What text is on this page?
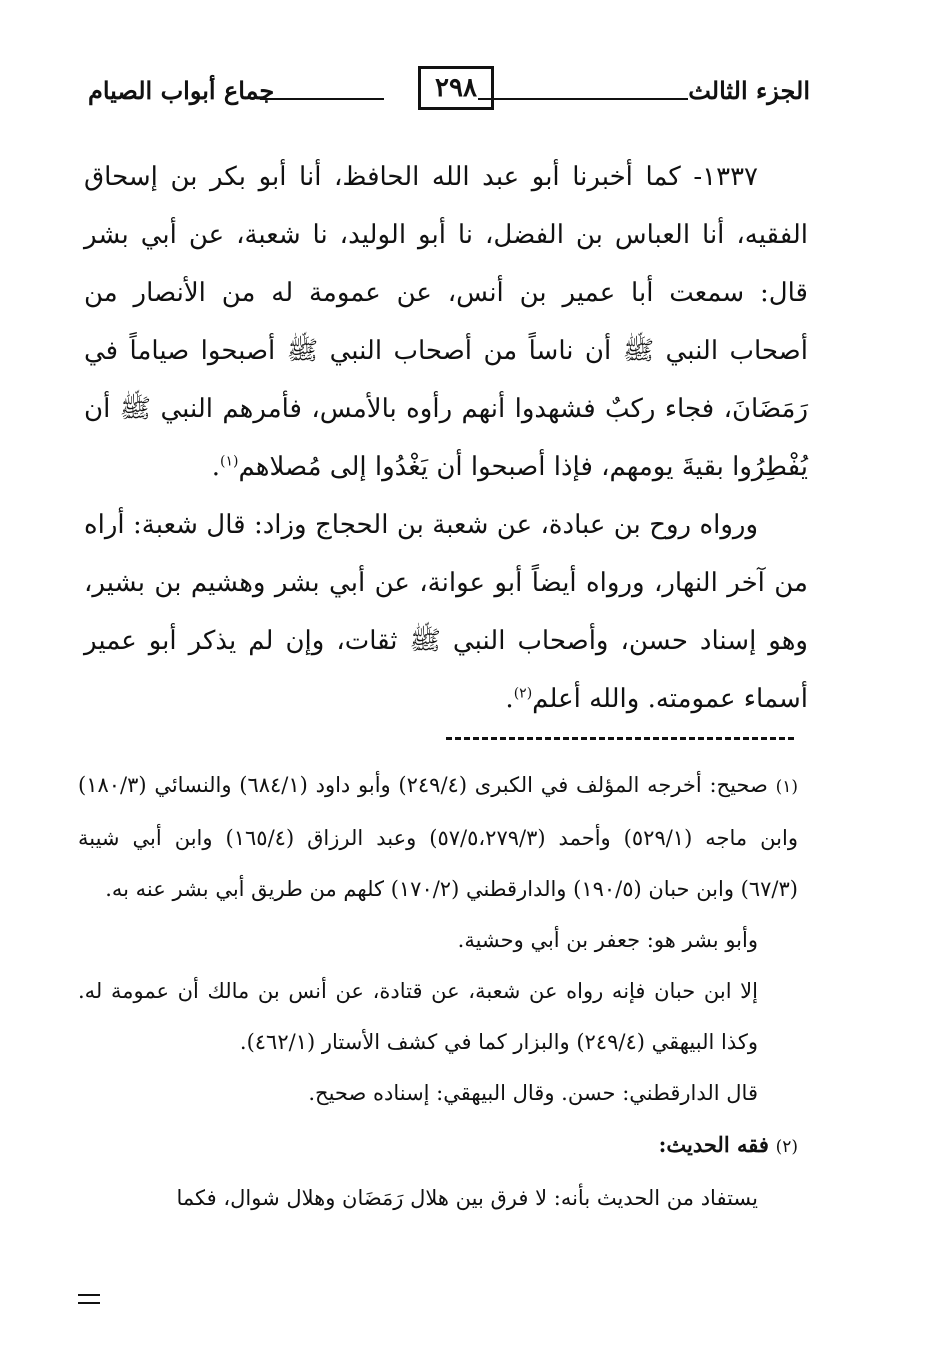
الجزء الثالث
٢٩٨
جماع أبواب الصيام

١٣٣٧- كما أخبرنا أبو عبد الله الحافظ، أنا أبو بكر بن إسحاق الفقيه، أنا العباس بن الفضل، نا أبو الوليد، نا شعبة، عن أبي بشر قال: سمعت أبا عمير بن أنس، عن عمومة له من الأنصار من أصحاب النبي ﷺ أن ناساً من أصحاب النبي ﷺ أصبحوا صياماً في رَمَضَانَ، فجاء ركبٌ فشهدوا أنهم رأوه بالأمس، فأمرهم النبي ﷺ أن يُفْطِرُوا بقيةَ يومهم، فإذا أصبحوا أن يَغْدُوا إلى مُصلاهم$^{(١)}$.

ورواه روح بن عبادة، عن شعبة بن الحجاج وزاد: قال شعبة: أراه من آخر النهار، ورواه أيضاً أبو عوانة، عن أبي بشر وهشيم بن بشير، وهو إسناد حسن، وأصحاب النبي ﷺ ثقات، وإن لم يذكر أبو عمير أسماء عمومته. والله أعلم$^{(٢)}$.

(١) صحيح: أخرجه المؤلف في الكبرى (٢٤٩/٤) وأبو داود (٦٨٤/١) والنسائي (١٨٠/٣) وابن ماجه (٥٢٩/١) وأحمد (٥٧/٥،٢٧٩/٣) وعبد الرزاق (١٦٥/٤) وابن أبي شيبة (٦٧/٣) وابن حبان (١٩٠/٥) والدارقطني (١٧٠/٢) كلهم من طريق أبي بشر عنه به.

وأبو بشر هو: جعفر بن أبي وحشية.

إلا ابن حبان فإنه رواه عن شعبة، عن قتادة، عن أنس بن مالك أن عمومة له. وكذا البيهقي (٢٤٩/٤) والبزار كما في كشف الأستار (٤٦٢/١).

قال الدارقطني: حسن. وقال البيهقي: إسناده صحيح.

(٢) فقه الحديث:

يستفاد من الحديث بأنه: لا فرق بين هلال رَمَضَان وهلال شوال، فكما
